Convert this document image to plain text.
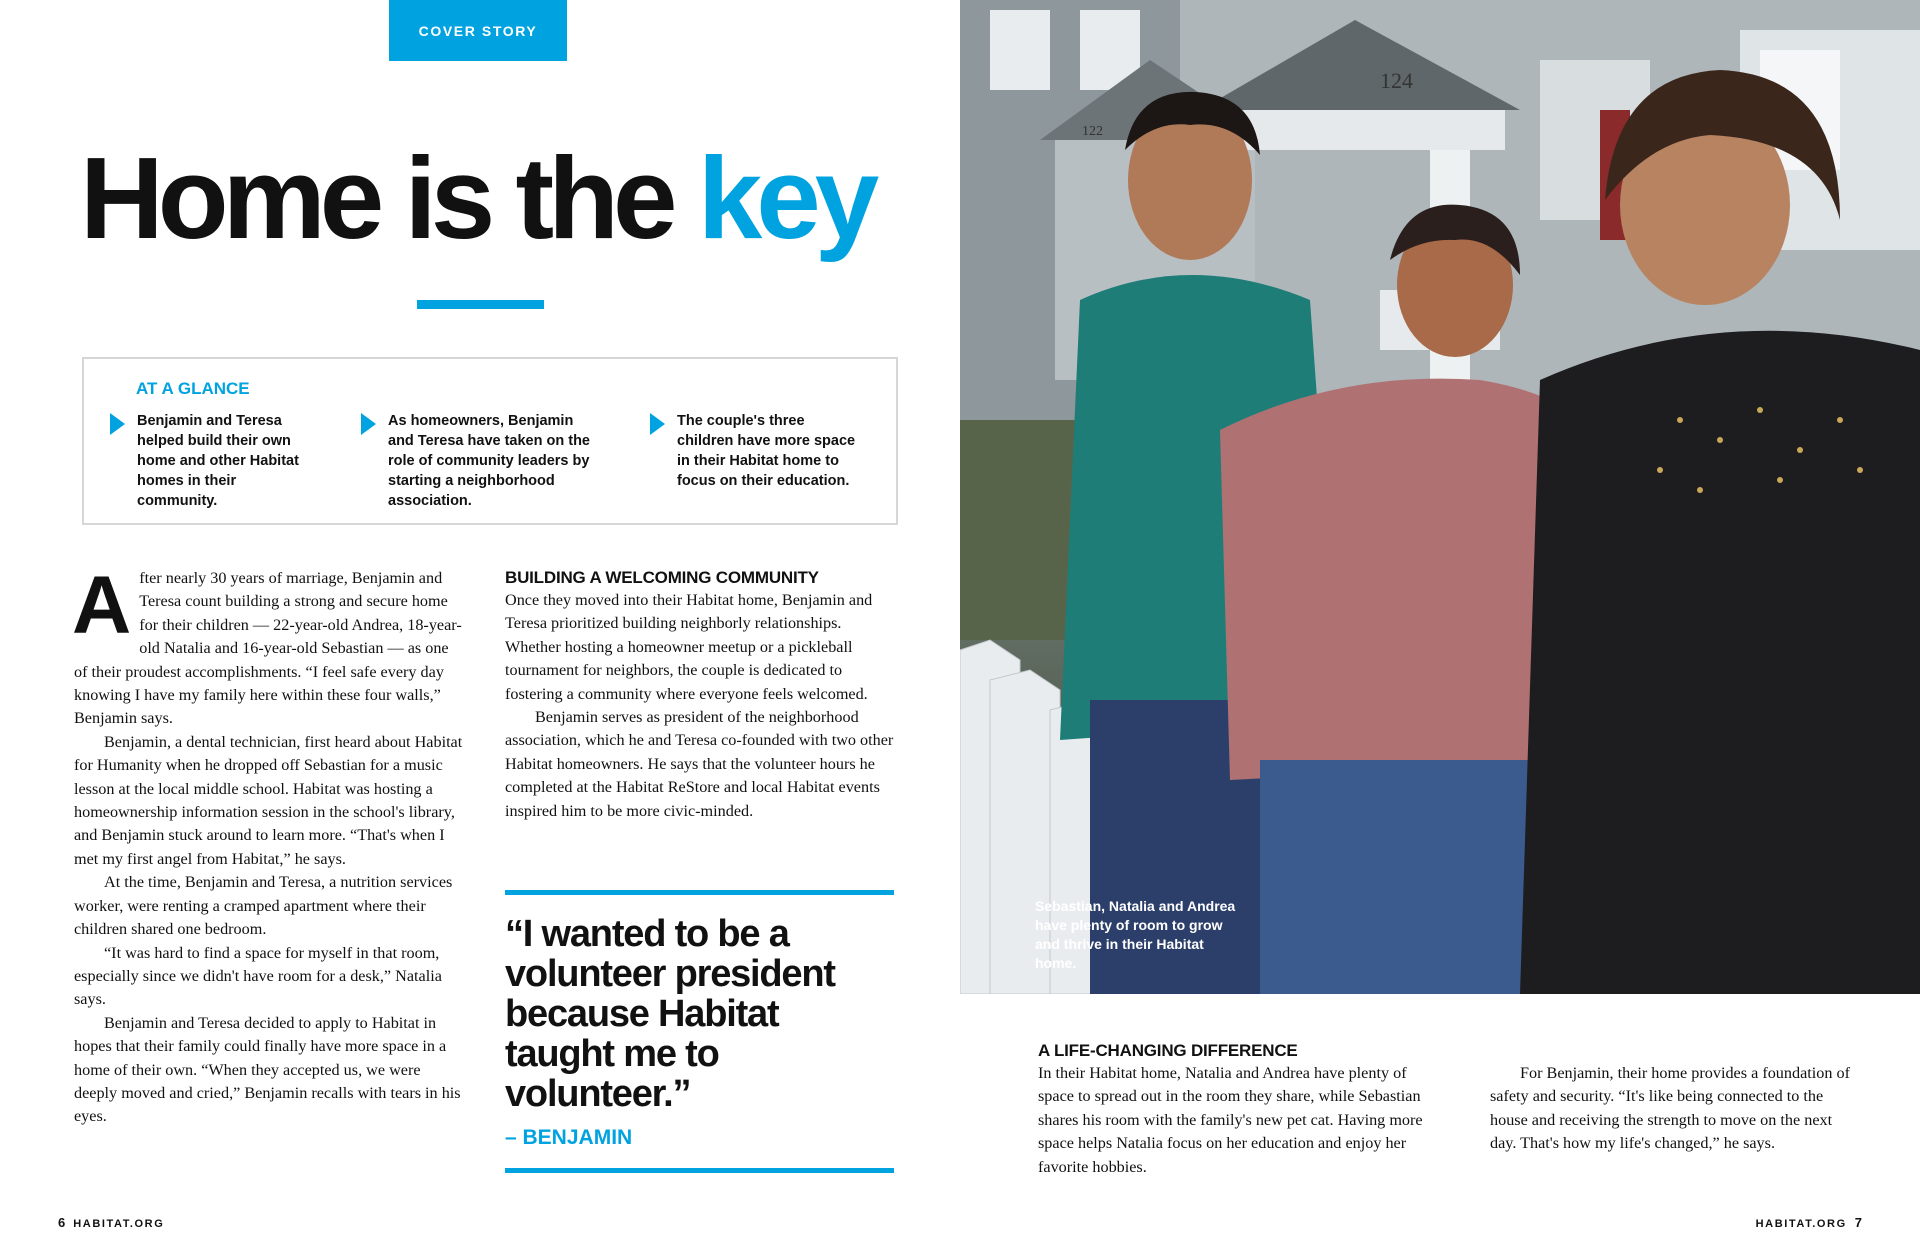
COVER STORY
Home is the key
AT A GLANCE
Benjamin and Teresa helped build their own home and other Habitat homes in their community.
As homeowners, Benjamin and Teresa have taken on the role of community leaders by starting a neighborhood association.
The couple's three children have more space in their Habitat home to focus on their education.

After nearly 30 years of marriage, Benjamin and Teresa count building a strong and secure home for their children — 22-year-old Andrea, 18-year-old Natalia and 16-year-old Sebastian — as one of their proudest accomplishments. “I feel safe every day knowing I have my family here within these four walls,” Benjamin says.

Benjamin, a dental technician, first heard about Habitat for Humanity when he dropped off Sebastian for a music lesson at the local middle school. Habitat was hosting a homeownership information session in the school's library, and Benjamin stuck around to learn more. “That's when I met my first angel from Habitat,” he says.

At the time, Benjamin and Teresa, a nutrition services worker, were renting a cramped apartment where their children shared one bedroom.

“It was hard to find a space for myself in that room, especially since we didn't have room for a desk,” Natalia says.

Benjamin and Teresa decided to apply to Habitat in hopes that their family could finally have more space in a home of their own. “When they accepted us, we were deeply moved and cried,” Benjamin recalls with tears in his eyes.

BUILDING A WELCOMING COMMUNITY

Once they moved into their Habitat home, Benjamin and Teresa prioritized building neighborly relationships. Whether hosting a homeowner meetup or a pickleball tournament for neighbors, the couple is dedicated to fostering a community where everyone feels welcomed.

Benjamin serves as president of the neighborhood association, which he and Teresa co-founded with two other Habitat homeowners. He says that the volunteer hours he completed at the Habitat ReStore and local Habitat events inspired him to be more civic-minded.

“I wanted to be a volunteer president because Habitat taught me to volunteer.”

– BENJAMIN
6 HABITAT.ORG
124
122
Sebastian, Natalia and Andrea have plenty of room to grow and thrive in their Habitat home.
A LIFE-CHANGING DIFFERENCE

In their Habitat home, Natalia and Andrea have plenty of space to spread out in the room they share, while Sebastian shares his room with the family's new pet cat. Having more space helps Natalia focus on her education and enjoy her favorite hobbies.

For Benjamin, their home provides a foundation of safety and security. “It's like being connected to the house and receiving the strength to move on the next day. That's how my life's changed,” he says.

HABITAT.ORG 7
